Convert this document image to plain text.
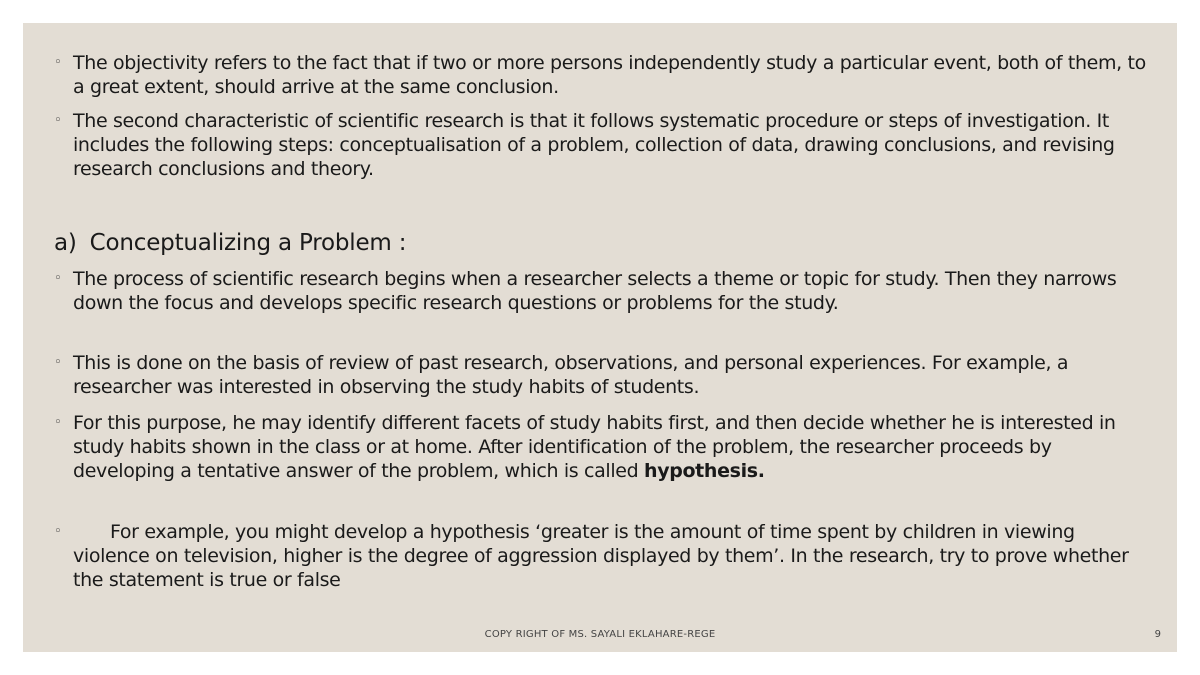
◦ The objectivity refers to the fact that if two or more persons independently study a particular event, both of them, to a great extent, should arrive at the same conclusion.

◦ The second characteristic of scientific research is that it follows systematic procedure or steps of investigation. It includes the following steps: conceptualisation of a problem, collection of data, drawing conclusions, and revising research conclusions and theory.

a) Conceptualizing a Problem :

◦ The process of scientific research begins when a researcher selects a theme or topic for study. Then they narrows down the focus and develops specific research questions or problems for the study.

◦ This is done on the basis of review of past research, observations, and personal experiences. For example, a researcher was interested in observing the study habits of students.

◦ For this purpose, he may identify different facets of study habits first, and then decide whether he is interested in study habits shown in the class or at home. After identification of the problem, the researcher proceeds by developing a tentative answer of the problem, which is called hypothesis.

◦	For example, you might develop a hypothesis ‘greater is the amount of time spent by children in viewing violence on television, higher is the degree of aggression displayed by them’. In the research, try to prove whether the statement is true or false

COPY RIGHT OF MS. SAYALI EKLAHARE-REGE	9
